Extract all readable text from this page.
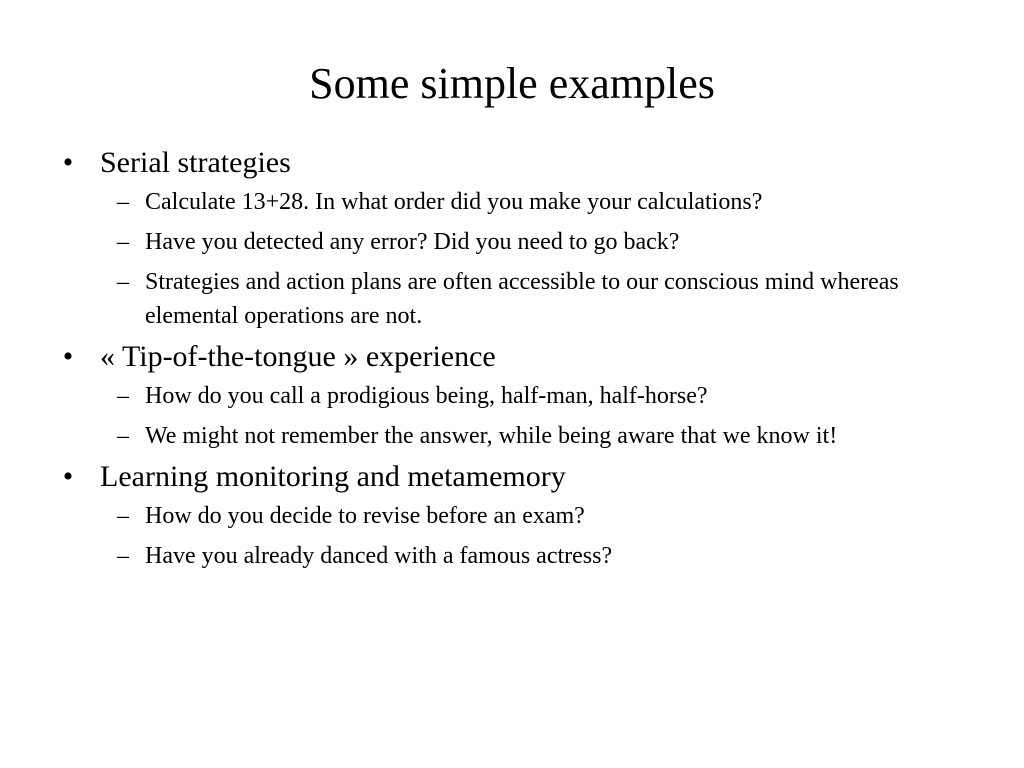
Some simple examples
• Serial strategies
– Calculate 13+28. In what order did you make your calculations?
– Have you detected any error? Did you need to go back?
– Strategies and action plans are often accessible to our conscious mind whereas elemental operations are not.
• « Tip-of-the-tongue » experience
– How do you call a prodigious being, half-man, half-horse?
– We might not remember the answer, while being aware that we know it!
• Learning monitoring and metamemory
– How do you decide to revise before an exam?
– Have you already danced with a famous actress?
